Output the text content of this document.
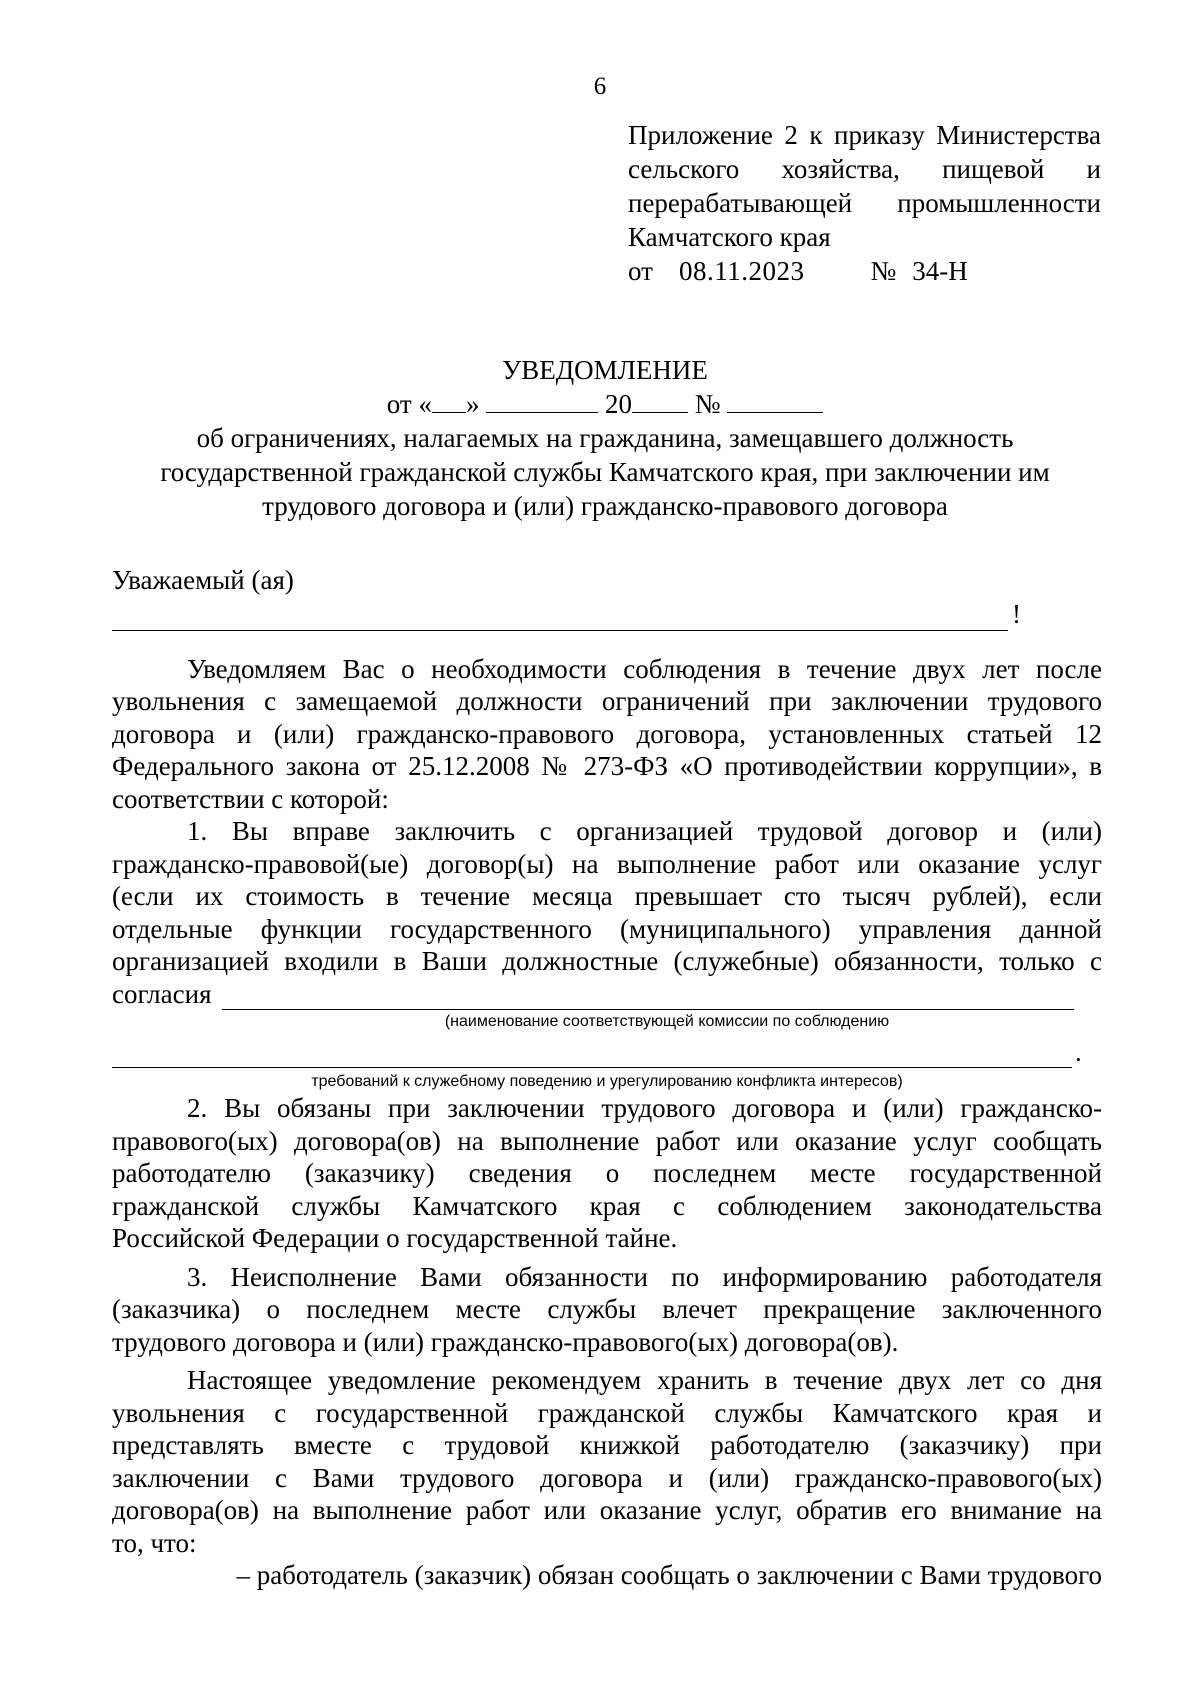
6
Приложение 2 к приказу Министерства
сельского хозяйства, пищевой и
перерабатывающей промышленности
Камчатского края
от 08.11.2023 № 34-Н
УВЕДОМЛЕНИЕ
от « »	20 №
об ограничениях, налагаемых на гражданина, замещавшего должность
государственной гражданской службы Камчатского края, при заключении им
трудового договора и (или) гражданско-правового договора
Уважаемый (ая)
!
Уведомляем Вас о необходимости соблюдения в течение двух лет после
увольнения с замещаемой должности ограничений при заключении трудового
договора и (или) гражданско-правового договора, установленных статьей 12
Федерального закона от 25.12.2008 № 273-ФЗ «О противодействии коррупции», в
соответствии с которой:
1. Вы вправе заключить с организацией трудовой договор и (или)
гражданско-правовой(ые) договор(ы) на выполнение работ или оказание услуг
(если их стоимость в течение месяца превышает сто тысяч рублей), если
отдельные функции государственного (муниципального) управления данной
организацией входили в Ваши должностные (служебные) обязанности, только с
согласия
(наименование соответствующей комиссии по соблюдению
.
требований к служебному поведению и урегулированию конфликта интересов)
2. Вы обязаны при заключении трудового договора и (или) гражданско-
правового(ых) договора(ов) на выполнение работ или оказание услуг сообщать
работодателю (заказчику) сведения о последнем месте государственной
гражданской службы Камчатского края с соблюдением законодательства
Российской Федерации о государственной тайне.
3. Неисполнение Вами обязанности по информированию работодателя
(заказчика) о последнем месте службы влечет прекращение заключенного
трудового договора и (или) гражданско-правового(ых) договора(ов).
Настоящее уведомление рекомендуем хранить в течение двух лет со дня
увольнения с государственной гражданской службы Камчатского края и
представлять вместе с трудовой книжкой работодателю (заказчику) при
заключении с Вами трудового договора и (или) гражданско-правового(ых)
договора(ов) на выполнение работ или оказание услуг, обратив его внимание на
то, что:
– работодатель (заказчик) обязан сообщать о заключении с Вами трудового
